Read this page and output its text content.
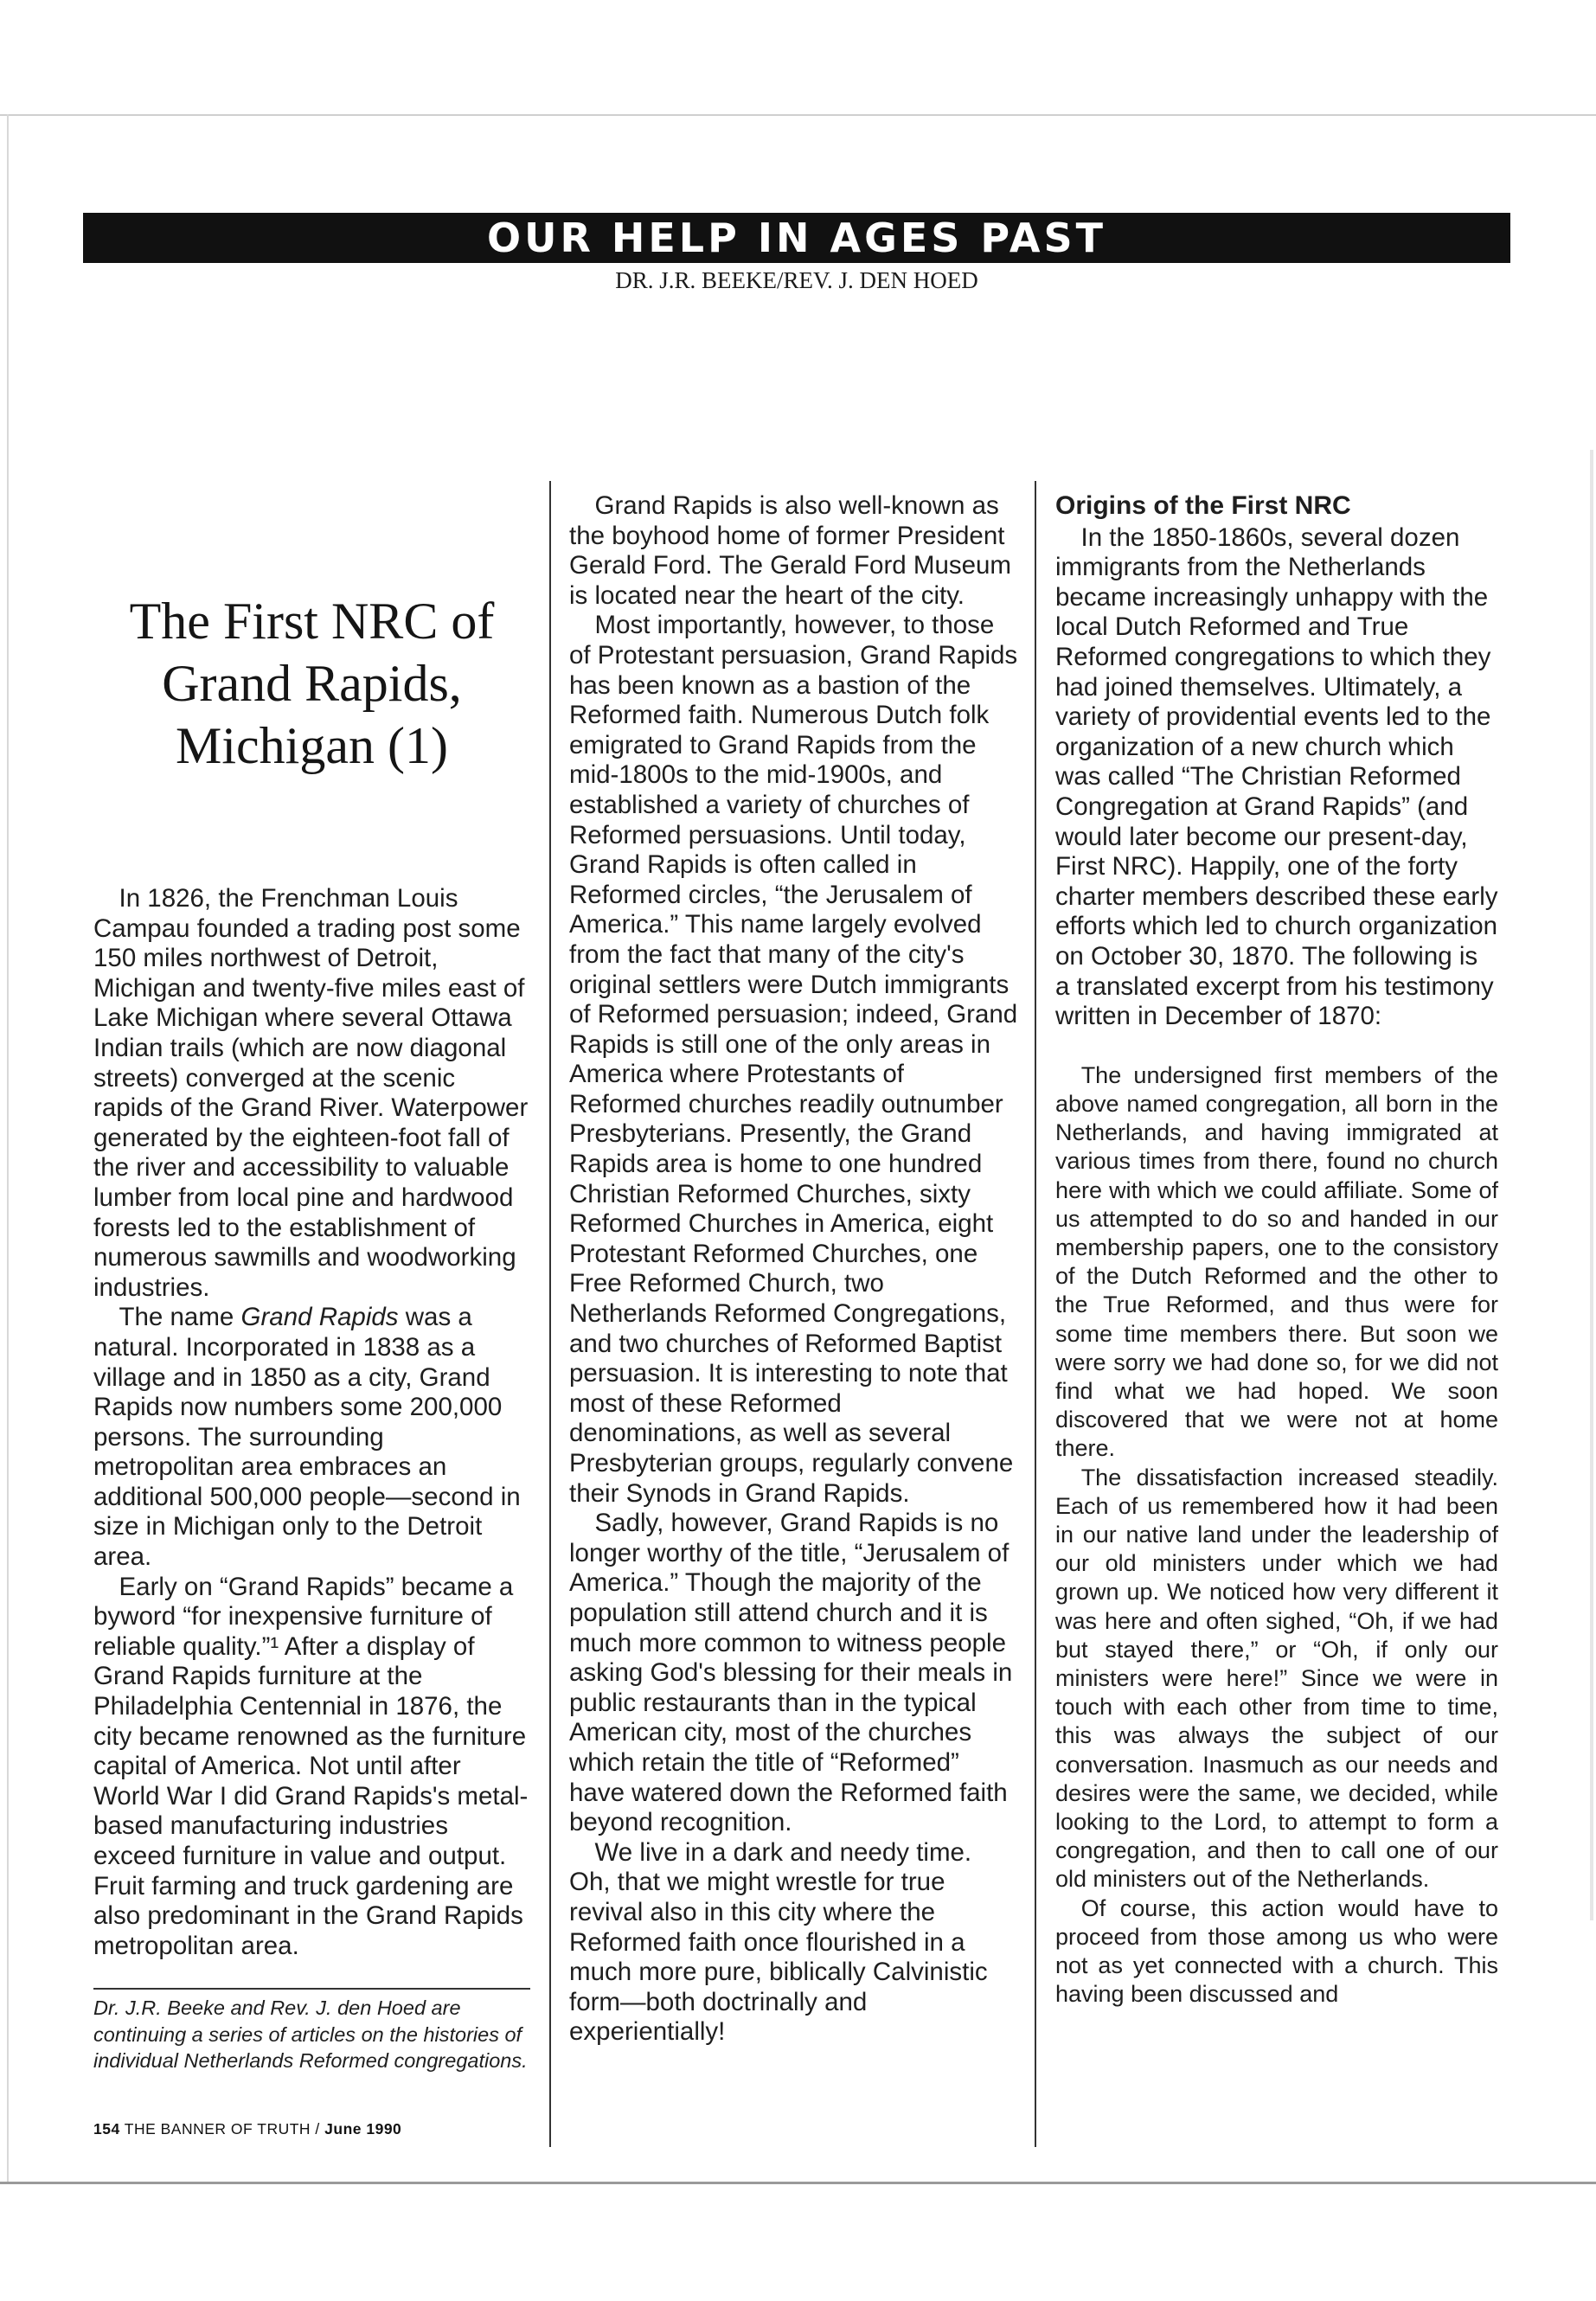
OUR HELP IN AGES PAST
DR. J.R. BEEKE/REV. J. DEN HOED
The First NRC of
Grand Rapids,
Michigan (1)

In 1826, the Frenchman Louis Campau founded a trading post some 150 miles northwest of Detroit, Michigan and twenty-five miles east of Lake Michigan where several Ottawa Indian trails (which are now diagonal streets) converged at the scenic rapids of the Grand River. Waterpower generated by the eighteen-foot fall of the river and accessibility to valuable lumber from local pine and hardwood forests led to the establishment of numerous sawmills and woodworking industries.

The name Grand Rapids was a natural. Incorporated in 1838 as a village and in 1850 as a city, Grand Rapids now numbers some 200,000 persons. The surrounding metropolitan area embraces an additional 500,000 people—second in size in Michigan only to the Detroit area.

Early on “Grand Rapids” became a byword “for inexpensive furniture of reliable quality.”¹ After a display of Grand Rapids furniture at the Philadelphia Centennial in 1876, the city became renowned as the furniture capital of America. Not until after World War I did Grand Rapids's metal-based manufacturing industries exceed furniture in value and output. Fruit farming and truck gardening are also predominant in the Grand Rapids metropolitan area.

Dr. J.R. Beeke and Rev. J. den Hoed are continuing a series of articles on the histories of individual Netherlands Reformed congregations.
154 THE BANNER OF TRUTH / June 1990

Grand Rapids is also well-known as the boyhood home of former President Gerald Ford. The Gerald Ford Museum is located near the heart of the city.

Most importantly, however, to those of Protestant persuasion, Grand Rapids has been known as a bastion of the Reformed faith. Numerous Dutch folk emigrated to Grand Rapids from the mid-1800s to the mid-1900s, and established a variety of churches of Reformed persuasions. Until today, Grand Rapids is often called in Reformed circles, “the Jerusalem of America.” This name largely evolved from the fact that many of the city's original settlers were Dutch immigrants of Reformed persuasion; indeed, Grand Rapids is still one of the only areas in America where Protestants of Reformed churches readily outnumber Presbyterians. Presently, the Grand Rapids area is home to one hundred Christian Reformed Churches, sixty Reformed Churches in America, eight Protestant Reformed Churches, one Free Reformed Church, two Netherlands Reformed Congregations, and two churches of Reformed Baptist persuasion. It is interesting to note that most of these Reformed denominations, as well as several Presbyterian groups, regularly convene their Synods in Grand Rapids.

Sadly, however, Grand Rapids is no longer worthy of the title, “Jerusalem of America.” Though the majority of the population still attend church and it is much more common to witness people asking God's blessing for their meals in public restaurants than in the typical American city, most of the churches which retain the title of “Reformed” have watered down the Reformed faith beyond recognition.

We live in a dark and needy time. Oh, that we might wrestle for true revival also in this city where the Reformed faith once flourished in a much more pure, biblically Calvinistic form—both doctrinally and experientially!

Origins of the First NRC

In the 1850-1860s, several dozen immigrants from the Netherlands became increasingly unhappy with the local Dutch Reformed and True Reformed congregations to which they had joined themselves. Ultimately, a variety of providential events led to the organization of a new church which was called “The Christian Reformed Congregation at Grand Rapids” (and would later become our present-day, First NRC). Happily, one of the forty charter members described these early efforts which led to church organization on October 30, 1870. The following is a translated excerpt from his testimony written in December of 1870:

The undersigned first members of the above named congregation, all born in the Netherlands, and having immigrated at various times from there, found no church here with which we could affiliate. Some of us attempted to do so and handed in our membership papers, one to the consistory of the Dutch Reformed and the other to the True Reformed, and thus were for some time members there. But soon we were sorry we had done so, for we did not find what we had hoped. We soon discovered that we were not at home there.

The dissatisfaction increased steadily. Each of us remembered how it had been in our native land under the leadership of our old ministers under which we had grown up. We noticed how very different it was here and often sighed, “Oh, if we had but stayed there,” or “Oh, if only our ministers were here!” Since we were in touch with each other from time to time, this was always the subject of our conversation. Inasmuch as our needs and desires were the same, we decided, while looking to the Lord, to attempt to form a congregation, and then to call one of our old ministers out of the Netherlands.

Of course, this action would have to proceed from those among us who were not as yet connected with a church. This having been discussed and
